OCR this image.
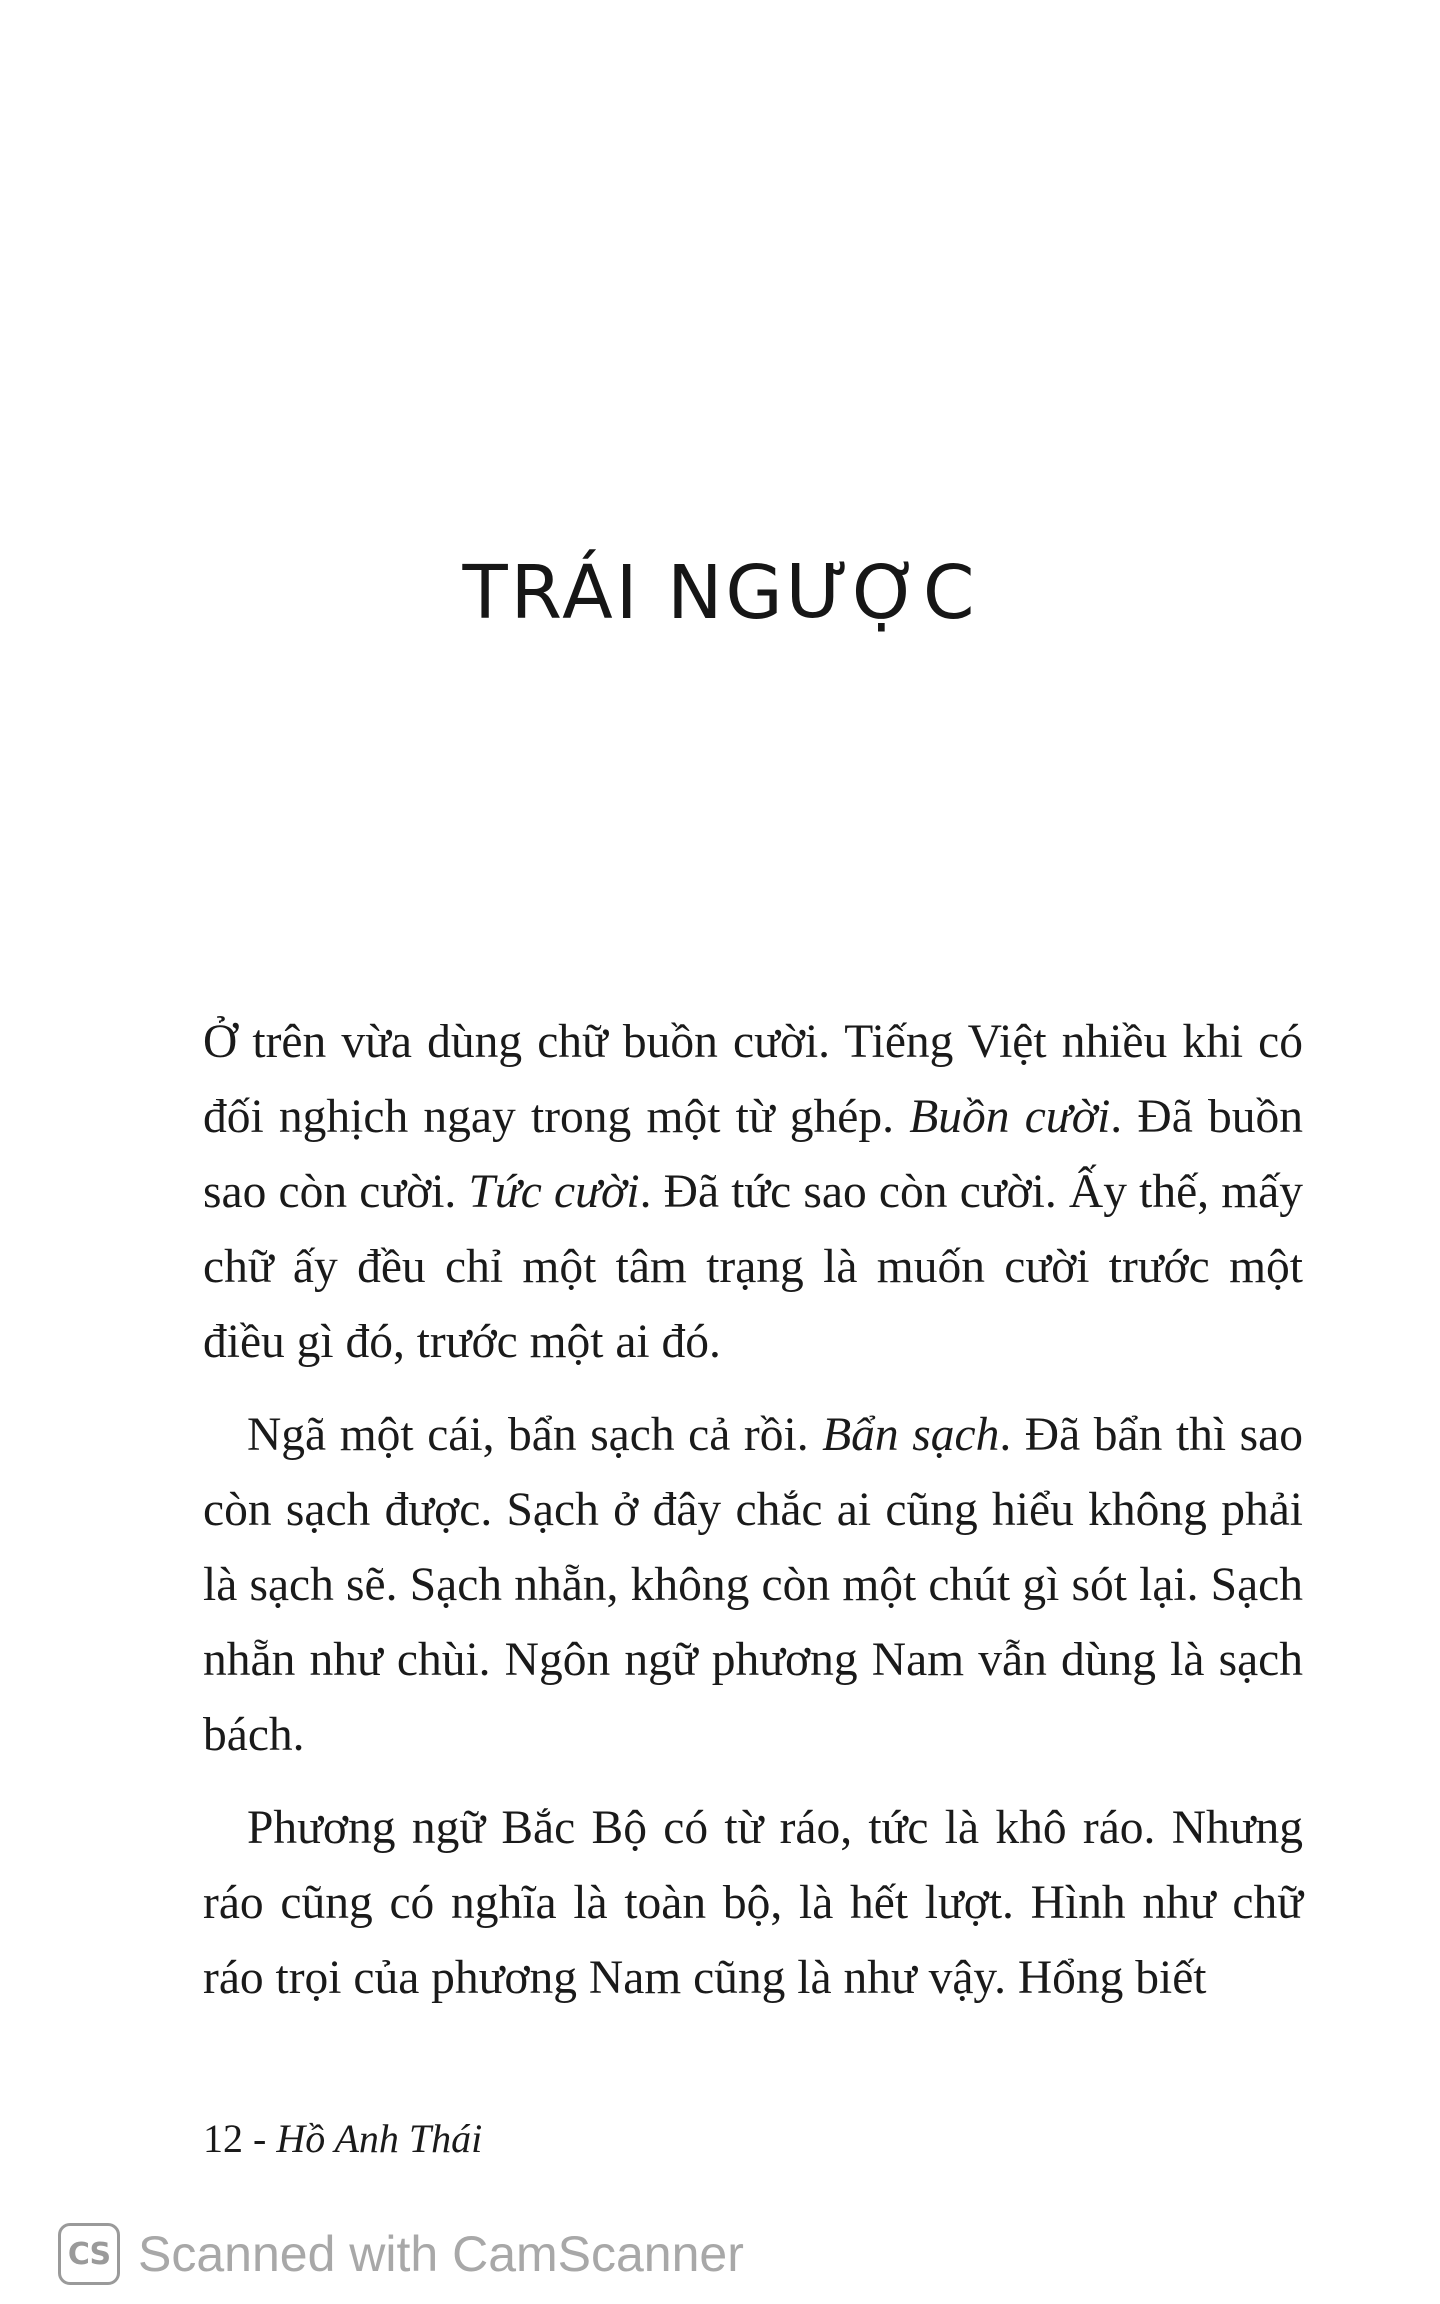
TRÁI NGƯỢC

Ở trên vừa dùng chữ buồn cười. Tiếng Việt nhiều khi có đối nghịch ngay trong một từ ghép. Buồn cười. Đã buồn sao còn cười. Tức cười. Đã tức sao còn cười. Ấy thế, mấy chữ ấy đều chỉ một tâm trạng là muốn cười trước một điều gì đó, trước một ai đó.

Ngã một cái, bẩn sạch cả rồi. Bẩn sạch. Đã bẩn thì sao còn sạch được. Sạch ở đây chắc ai cũng hiểu không phải là sạch sẽ. Sạch nhẵn, không còn một chút gì sót lại. Sạch nhẵn như chùi. Ngôn ngữ phương Nam vẫn dùng là sạch bách.

Phương ngữ Bắc Bộ có từ ráo, tức là khô ráo. Nhưng ráo cũng có nghĩa là toàn bộ, là hết lượt. Hình như chữ ráo trọi của phương Nam cũng là như vậy. Hổng biết

12 - Hồ Anh Thái
CS Scanned with CamScanner
